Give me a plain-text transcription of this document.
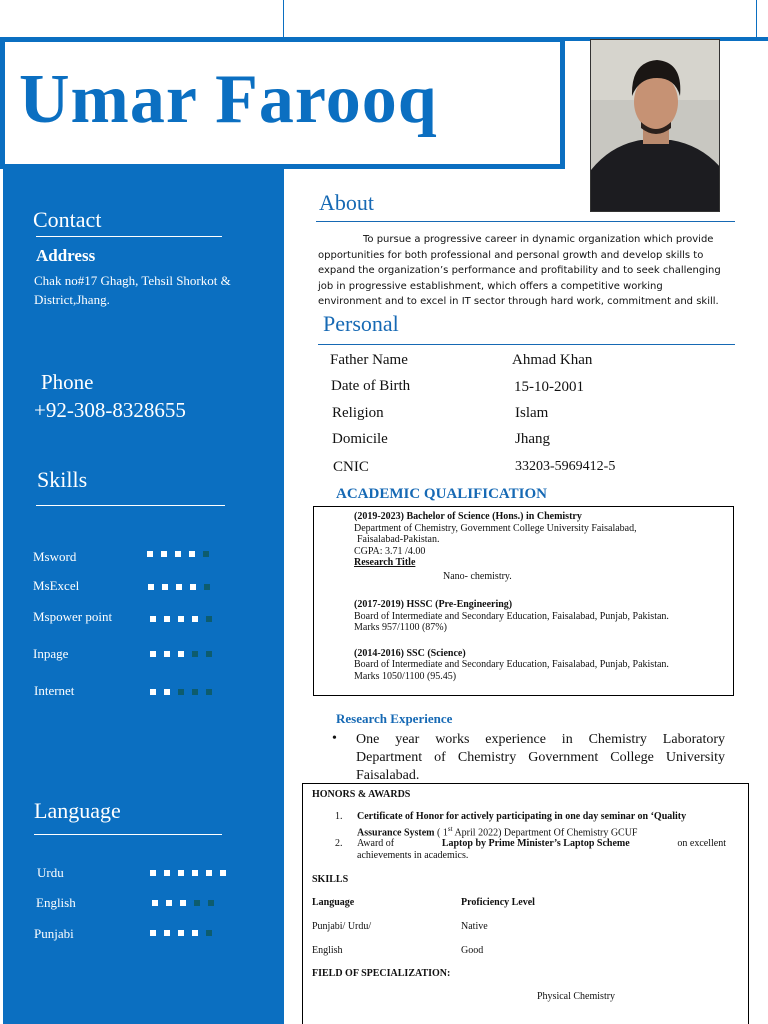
Umar Farooq
Contact
Address
Chak no#17 Ghagh, Tehsil Shorkot &
District,Jhang.
Phone
+92-308-8328655
Skills
Msword
MsExcel
Mspower point
Inpage
Internet
Language
Urdu
English
Punjabi
About
To pursue a progressive career in dynamic organization which provide
opportunities for both professional and personal growth and develop skills to
expand the organization’s performance and profitability and to seek challenging
job in progressive establishment, which offers a competitive working
environment and to excel in IT sector through hard work, commitment and skill.
Personal
Father Name	Ahmad Khan
Date of Birth	15-10-2001
Religion	Islam
Domicile	Jhang
CNIC	33203-5969412-5
ACADEMIC QUALIFICATION
(2019-2023) Bachelor of Science (Hons.) in Chemistry
Department of Chemistry, Government College University Faisalabad,
Faisalabad-Pakistan.
CGPA: 3.71 /4.00
Research Title
Nano- chemistry.
(2017-2019) HSSC (Pre-Engineering)
Board of Intermediate and Secondary Education, Faisalabad, Punjab, Pakistan.
Marks 957/1100 (87%)
(2014-2016) SSC (Science)
Board of Intermediate and Secondary Education, Faisalabad, Punjab, Pakistan.
Marks 1050/1100 (95.45)
Research Experience
• One year works experience in Chemistry Laboratory
Department of Chemistry Government College University
Faisalabad.
HONORS & AWARDS
1. Certificate of Honor for actively participating in one day seminar on ‘Quality
Assurance System ( 1st April 2022) Department Of Chemistry GCUF
2. Award of	Laptop by Prime Minister’s Laptop Scheme	on excellent
achievements in academics.
SKILLS
Language	Proficiency Level
Punjabi/ Urdu/	Native
English	Good
FIELD OF SPECIALIZATION:
Physical Chemistry
